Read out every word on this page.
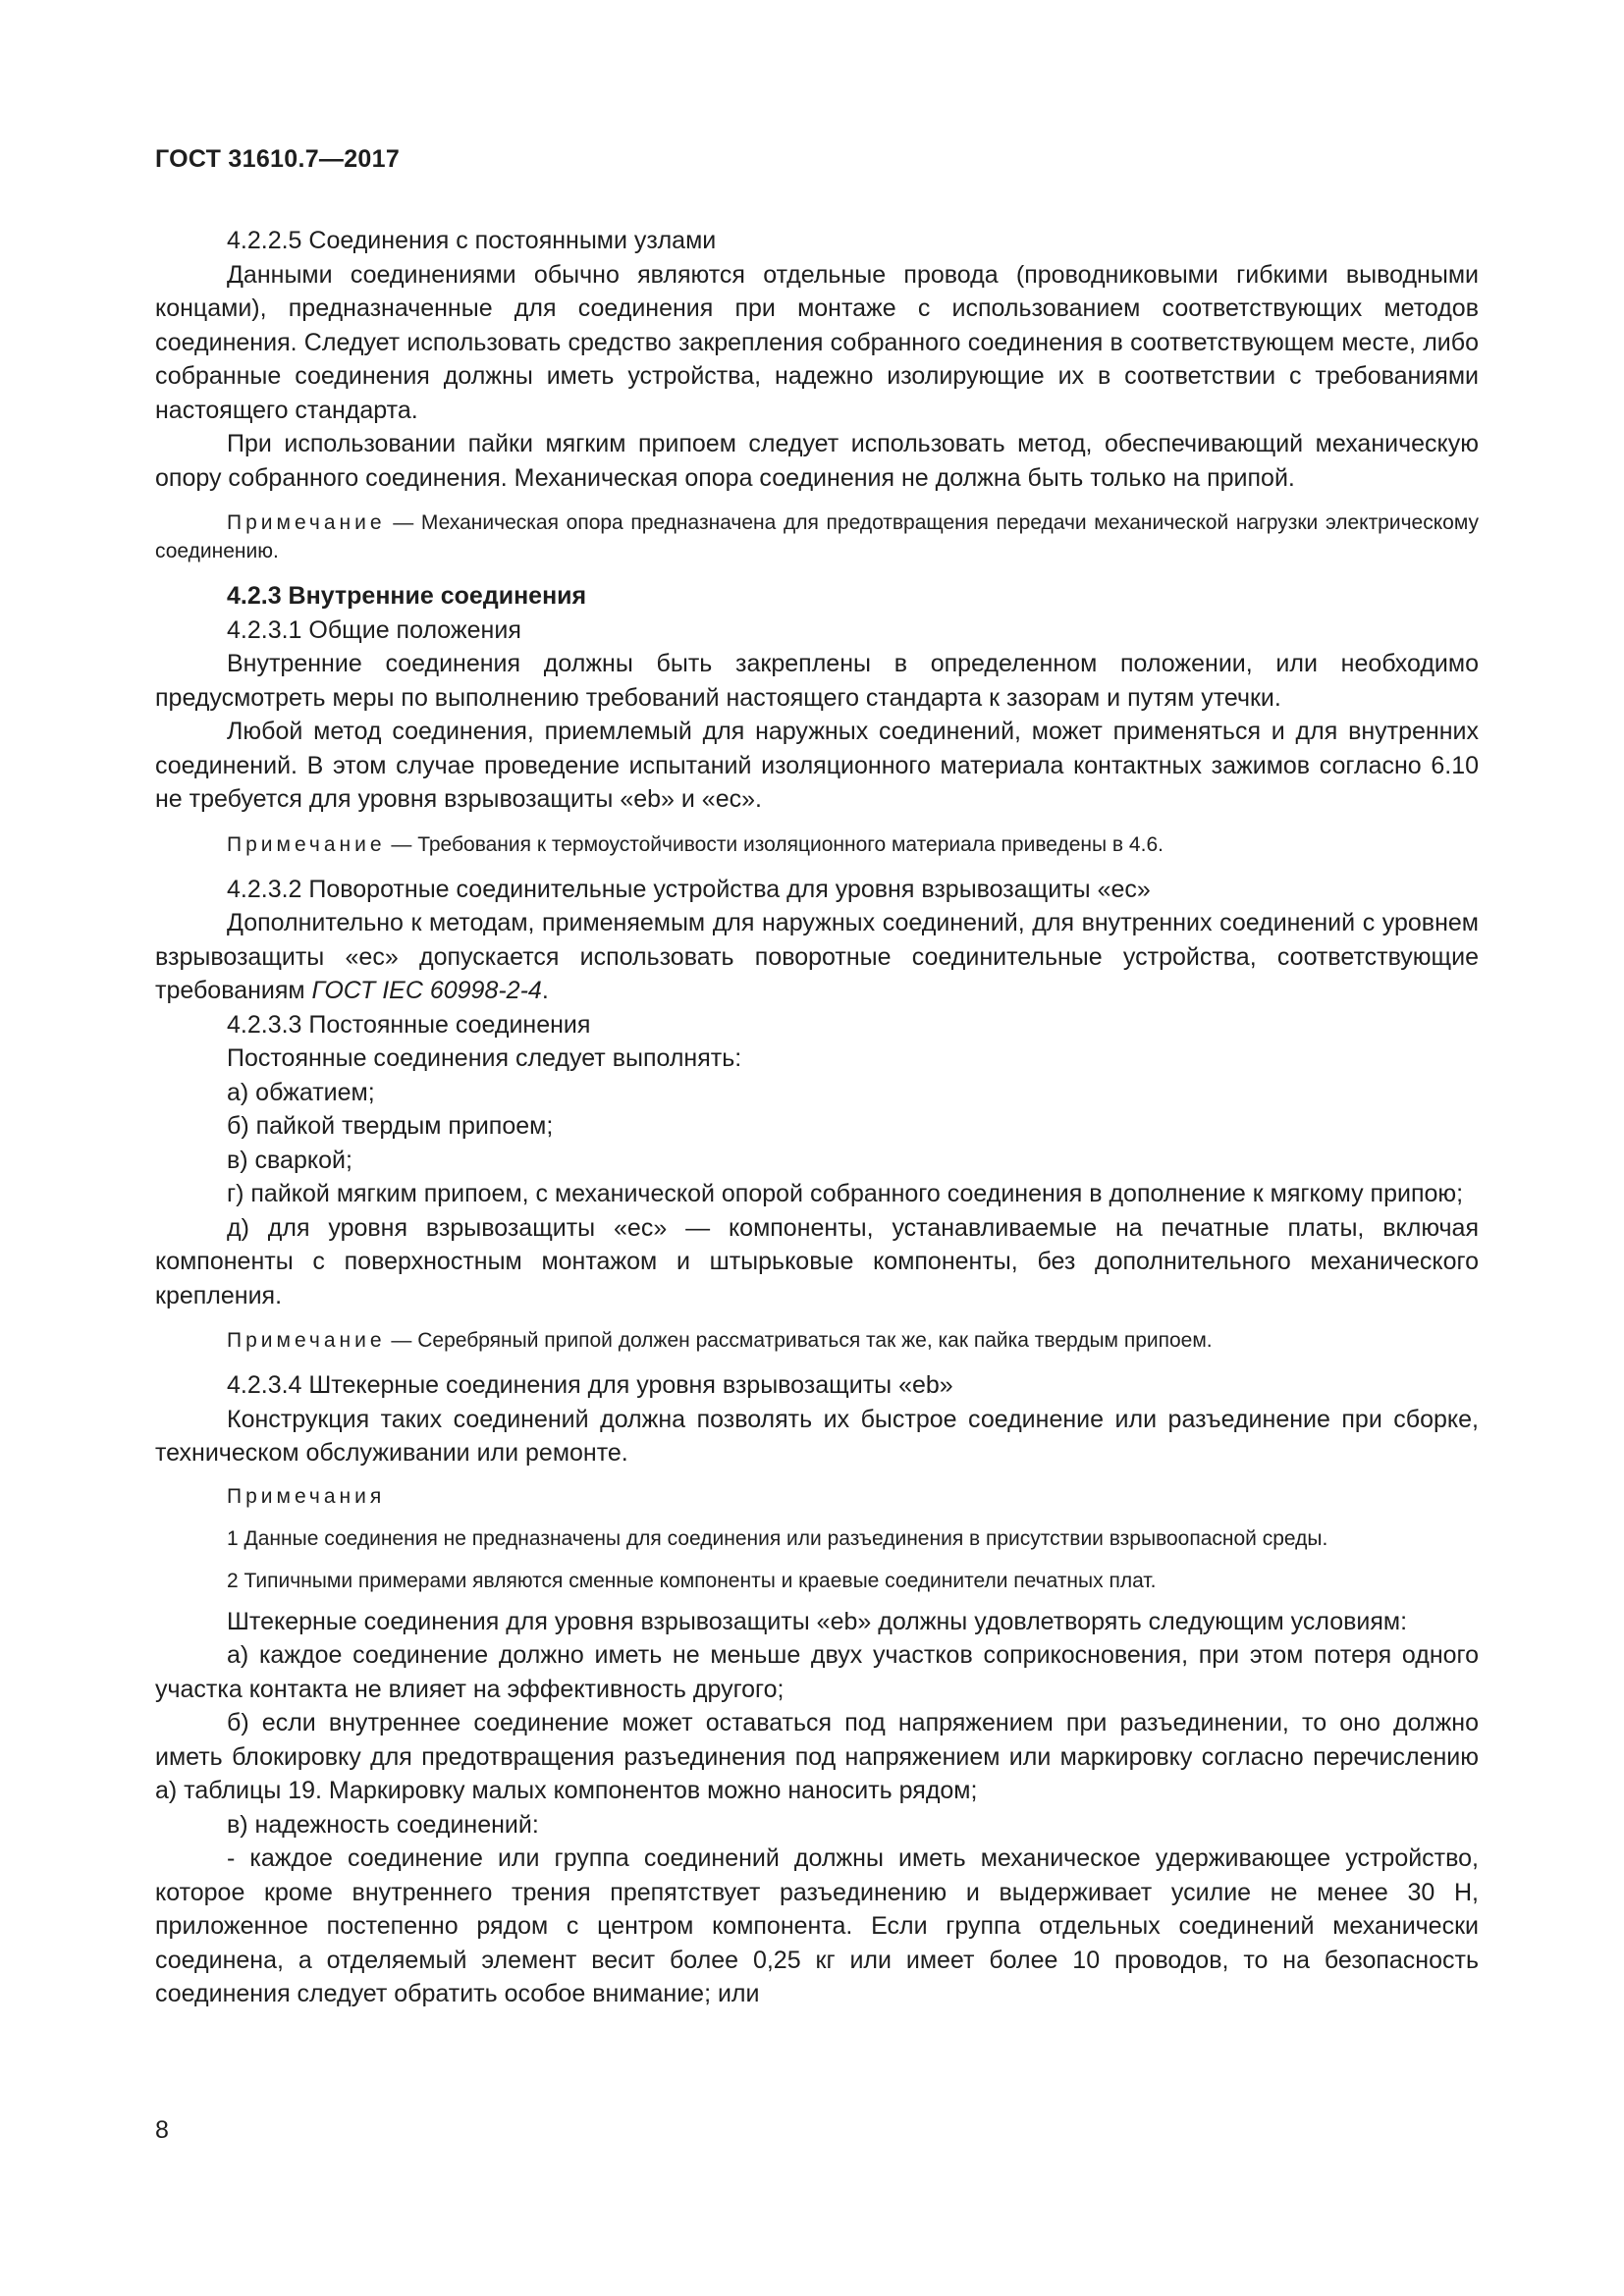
ГОСТ 31610.7—2017

4.2.2.5 Соединения с постоянными узлами

Данными соединениями обычно являются отдельные провода (проводниковыми гибкими выводными концами), предназначенные для соединения при монтаже с использованием соответствующих методов соединения. Следует использовать средство закрепления собранного соединения в соответствующем месте, либо собранные соединения должны иметь устройства, надежно изолирующие их в соответствии с требованиями настоящего стандарта.

При использовании пайки мягким припоем следует использовать метод, обеспечивающий механическую опору собранного соединения. Механическая опора соединения не должна быть только на припой.

Примечание — Механическая опора предназначена для предотвращения передачи механической нагрузки электрическому соединению.

4.2.3 Внутренние соединения

4.2.3.1 Общие положения

Внутренние соединения должны быть закреплены в определенном положении, или необходимо предусмотреть меры по выполнению требований настоящего стандарта к зазорам и путям утечки.

Любой метод соединения, приемлемый для наружных соединений, может применяться и для внутренних соединений. В этом случае проведение испытаний изоляционного материала контактных зажимов согласно 6.10 не требуется для уровня взрывозащиты «eb» и «ec».

Примечание — Требования к термоустойчивости изоляционного материала приведены в 4.6.

4.2.3.2 Поворотные соединительные устройства для уровня взрывозащиты «ec»

Дополнительно к методам, применяемым для наружных соединений, для внутренних соединений с уровнем взрывозащиты «ec» допускается использовать поворотные соединительные устройства, соответствующие требованиям ГОСТ IEC 60998-2-4.

4.2.3.3 Постоянные соединения

Постоянные соединения следует выполнять:

а) обжатием;

б) пайкой твердым припоем;

в) сваркой;

г) пайкой мягким припоем, с механической опорой собранного соединения в дополнение к мягкому припою;

д) для уровня взрывозащиты «ec» — компоненты, устанавливаемые на печатные платы, включая компоненты с поверхностным монтажом и штырьковые компоненты, без дополнительного механического крепления.

Примечание — Серебряный припой должен рассматриваться так же, как пайка твердым припоем.

4.2.3.4 Штекерные соединения для уровня взрывозащиты «eb»

Конструкция таких соединений должна позволять их быстрое соединение или разъединение при сборке, техническом обслуживании или ремонте.

Примечания

1 Данные соединения не предназначены для соединения или разъединения в присутствии взрывоопасной среды.

2 Типичными примерами являются сменные компоненты и краевые соединители печатных плат.

Штекерные соединения для уровня взрывозащиты «eb» должны удовлетворять следующим условиям:

а) каждое соединение должно иметь не меньше двух участков соприкосновения, при этом потеря одного участка контакта не влияет на эффективность другого;

б) если внутреннее соединение может оставаться под напряжением при разъединении, то оно должно иметь блокировку для предотвращения разъединения под напряжением или маркировку согласно перечислению а) таблицы 19. Маркировку малых компонентов можно наносить рядом;

в) надежность соединений:

- каждое соединение или группа соединений должны иметь механическое удерживающее устройство, которое кроме внутреннего трения препятствует разъединению и выдерживает усилие не менее 30 Н, приложенное постепенно рядом с центром компонента. Если группа отдельных соединений механически соединена, а отделяемый элемент весит более 0,25 кг или имеет более 10 проводов, то на безопасность соединения следует обратить особое внимание; или

8
